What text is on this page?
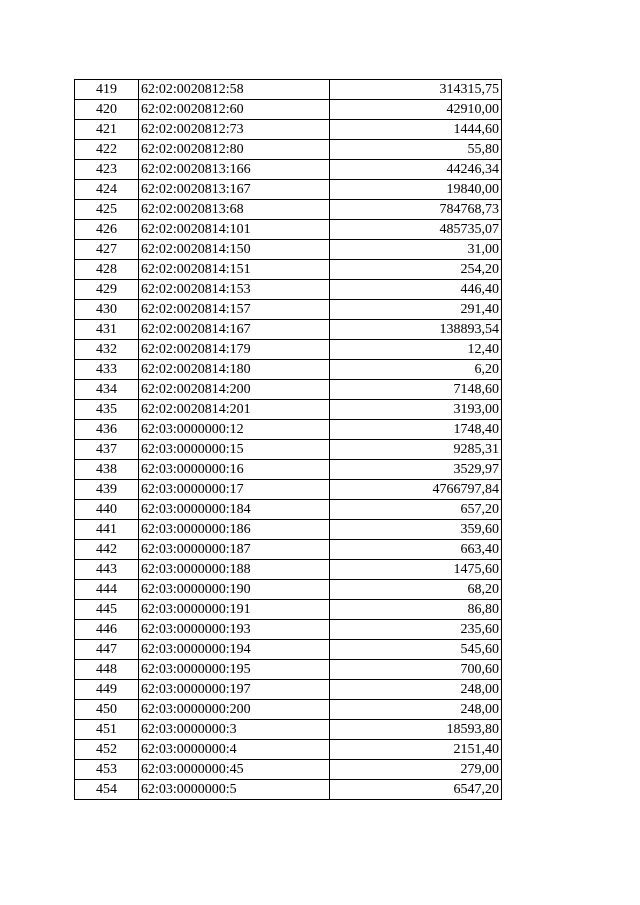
419	62:02:0020812:58	314315,75
420	62:02:0020812:60	42910,00
421	62:02:0020812:73	1444,60
422	62:02:0020812:80	55,80
423	62:02:0020813:166	44246,34
424	62:02:0020813:167	19840,00
425	62:02:0020813:68	784768,73
426	62:02:0020814:101	485735,07
427	62:02:0020814:150	31,00
428	62:02:0020814:151	254,20
429	62:02:0020814:153	446,40
430	62:02:0020814:157	291,40
431	62:02:0020814:167	138893,54
432	62:02:0020814:179	12,40
433	62:02:0020814:180	6,20
434	62:02:0020814:200	7148,60
435	62:02:0020814:201	3193,00
436	62:03:0000000:12	1748,40
437	62:03:0000000:15	9285,31
438	62:03:0000000:16	3529,97
439	62:03:0000000:17	4766797,84
440	62:03:0000000:184	657,20
441	62:03:0000000:186	359,60
442	62:03:0000000:187	663,40
443	62:03:0000000:188	1475,60
444	62:03:0000000:190	68,20
445	62:03:0000000:191	86,80
446	62:03:0000000:193	235,60
447	62:03:0000000:194	545,60
448	62:03:0000000:195	700,60
449	62:03:0000000:197	248,00
450	62:03:0000000:200	248,00
451	62:03:0000000:3	18593,80
452	62:03:0000000:4	2151,40
453	62:03:0000000:45	279,00
454	62:03:0000000:5	6547,20
